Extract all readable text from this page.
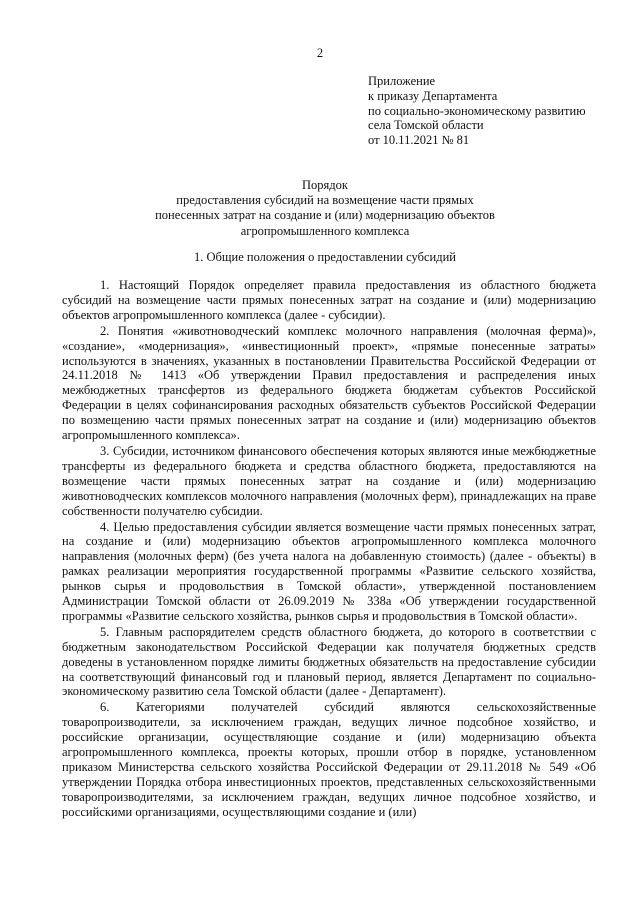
2
Приложение
к приказу Департамента
по социально-экономическому развитию
села Томской области
от 10.11.2021 № 81
Порядок
предоставления субсидий на возмещение части прямых
понесенных затрат на создание и (или) модернизацию объектов
агропромышленного комплекса
1. Общие положения о предоставлении субсидий

1. Настоящий Порядок определяет правила предоставления из областного бюджета субсидий на возмещение части прямых понесенных затрат на создание и (или) модернизацию объектов агропромышленного комплекса (далее - субсидии).

2. Понятия «животноводческий комплекс молочного направления (молочная ферма)», «создание», «модернизация», «инвестиционный проект», «прямые понесенные затраты» используются в значениях, указанных в постановлении Правительства Российской Федерации от 24.11.2018 № 1413 «Об утверждении Правил предоставления и распределения иных межбюджетных трансфертов из федерального бюджета бюджетам субъектов Российской Федерации в целях софинансирования расходных обязательств субъектов Российской Федерации по возмещению части прямых понесенных затрат на создание и (или) модернизацию объектов агропромышленного комплекса».

3. Субсидии, источником финансового обеспечения которых являются иные межбюджетные трансферты из федерального бюджета и средства областного бюджета, предоставляются на возмещение части прямых понесенных затрат на создание и (или) модернизацию животноводческих комплексов молочного направления (молочных ферм), принадлежащих на праве собственности получателю субсидии.

4. Целью предоставления субсидии является возмещение части прямых понесенных затрат, на создание и (или) модернизацию объектов агропромышленного комплекса молочного направления (молочных ферм) (без учета налога на добавленную стоимость) (далее - объекты) в рамках реализации мероприятия государственной программы «Развитие сельского хозяйства, рынков сырья и продовольствия в Томской области», утвержденной постановлением Администрации Томской области от 26.09.2019 № 338а «Об утверждении государственной программы «Развитие сельского хозяйства, рынков сырья и продовольствия в Томской области».

5. Главным распорядителем средств областного бюджета, до которого в соответствии с бюджетным законодательством Российской Федерации как получателя бюджетных средств доведены в установленном порядке лимиты бюджетных обязательств на предоставление субсидии на соответствующий финансовый год и плановый период, является Департамент по социально-экономическому развитию села Томской области (далее - Департамент).

6. Категориями получателей субсидий являются сельскохозяйственные товаропроизводители, за исключением граждан, ведущих личное подсобное хозяйство, и российские организации, осуществляющие создание и (или) модернизацию объекта агропромышленного комплекса, проекты которых, прошли отбор в порядке, установленном приказом Министерства сельского хозяйства Российской Федерации от 29.11.2018 № 549 «Об утверждении Порядка отбора инвестиционных проектов, представленных сельскохозяйственными товаропроизводителями, за исключением граждан, ведущих личное подсобное хозяйство, и российскими организациями, осуществляющими создание и (или)
